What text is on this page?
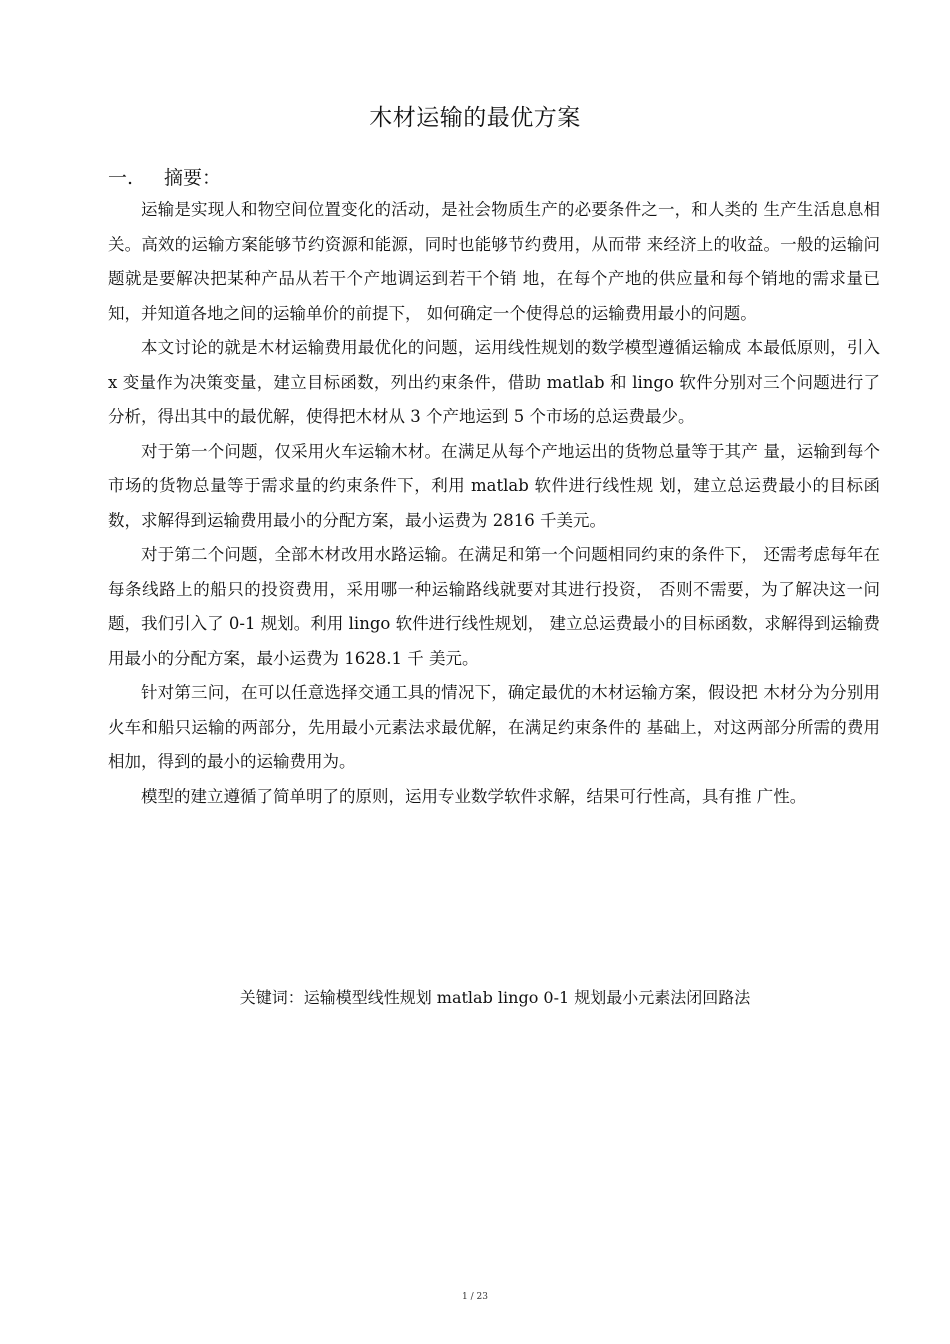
木材运输的最优方案
一. 摘要：

运输是实现人和物空间位置变化的活动，是社会物质生产的必要条件之一，和人类的 生产生活息息相关。高效的运输方案能够节约资源和能源，同时也能够节约费用，从而带 来经济上的收益。一般的运输问题就是要解决把某种产品从若干个产地调运到若干个销 地，在每个产地的供应量和每个销地的需求量已知，并知道各地之间的运输单价的前提下， 如何确定一个使得总的运输费用最小的问题。

本文讨论的就是木材运输费用最优化的问题，运用线性规划的数学模型遵循运输成 本最低原则，引入 x 变量作为决策变量，建立目标函数，列出约束条件，借助 matlab 和 lingo 软件分别对三个问题进行了分析，得出其中的最优解，使得把木材从 3 个产地运到 5 个市场的总运费最少。

对于第一个问题，仅采用火车运输木材。在满足从每个产地运出的货物总量等于其产 量，运输到每个市场的货物总量等于需求量的约束条件下，利用 matlab 软件进行线性规 划，建立总运费最小的目标函数，求解得到运输费用最小的分配方案，最小运费为 2816 千美元。

对于第二个问题，全部木材改用水路运输。在满足和第一个问题相同约束的条件下， 还需考虑每年在每条线路上的船只的投资费用，采用哪一种运输路线就要对其进行投资， 否则不需要，为了解决这一问题，我们引入了 0-1 规划。利用 lingo 软件进行线性规划， 建立总运费最小的目标函数，求解得到运输费用最小的分配方案，最小运费为 1628.1 千 美元。

针对第三问，在可以任意选择交通工具的情况下，确定最优的木材运输方案，假设把 木材分为分别用火车和船只运输的两部分，先用最小元素法求最优解，在满足约束条件的 基础上，对这两部分所需的费用相加，得到的最小的运输费用为。

模型的建立遵循了简单明了的原则，运用专业数学软件求解，结果可行性高，具有推 广性。

关键词：运输模型线性规划 matlab lingo 0-1 规划最小元素法闭回路法
1 / 23
